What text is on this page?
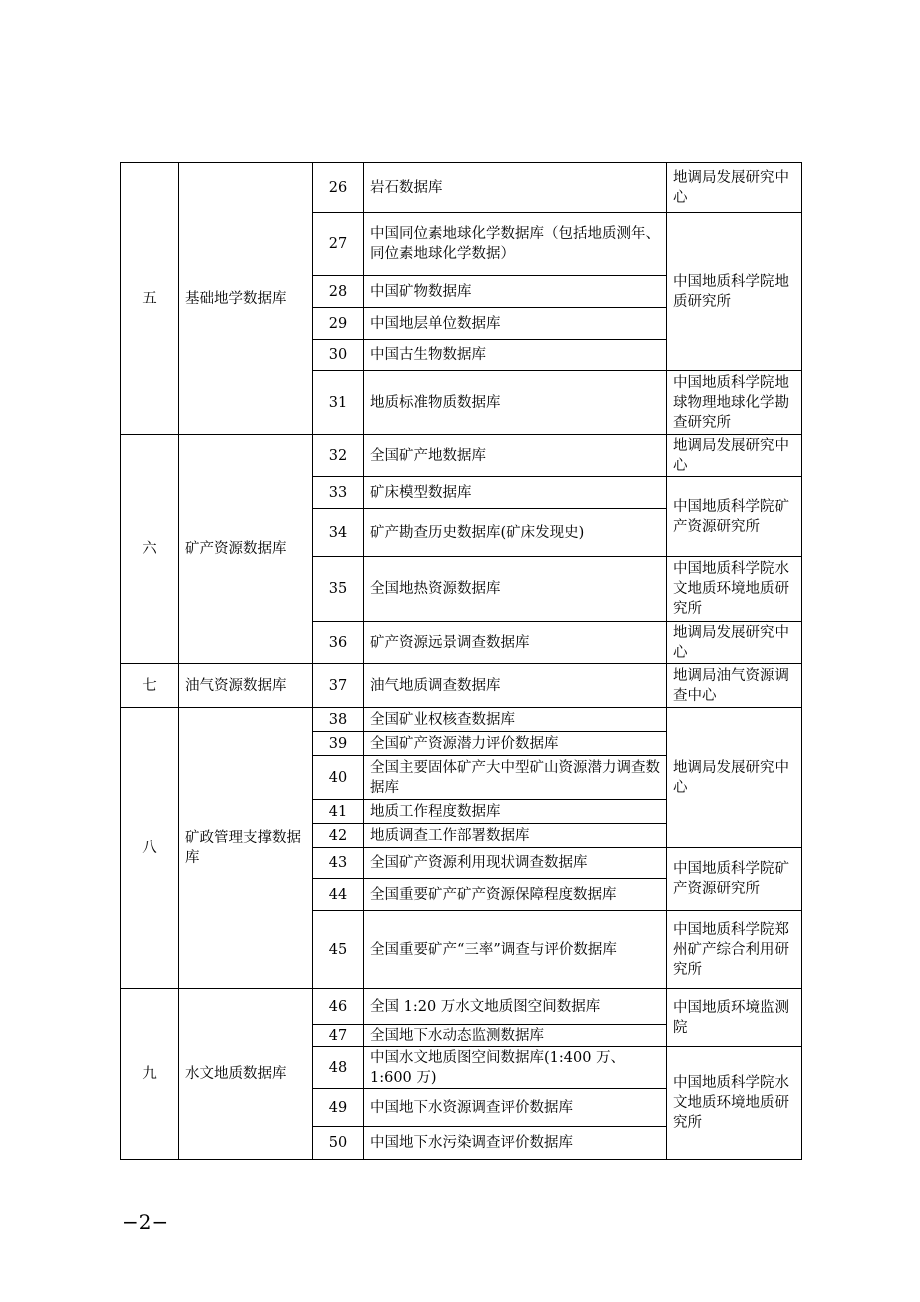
五	基础地学数据库	26	岩石数据库	地调局发展研究中心
		27	中国同位素地球化学数据库（包括地质测年、同位素地球化学数据）	中国地质科学院地质研究所
		28	中国矿物数据库	
		29	中国地层单位数据库	
		30	中国古生物数据库	
		31	地质标准物质数据库	中国地质科学院地球物理地球化学勘查研究所
六	矿产资源数据库	32	全国矿产地数据库	地调局发展研究中心
		33	矿床模型数据库	中国地质科学院矿产资源研究所
		34	矿产勘查历史数据库(矿床发现史)	
		35	全国地热资源数据库	中国地质科学院水文地质环境地质研究所
		36	矿产资源远景调查数据库	地调局发展研究中心
七	油气资源数据库	37	油气地质调查数据库	地调局油气资源调查中心
八	矿政管理支撑数据库	38	全国矿业权核查数据库	地调局发展研究中心
		39	全国矿产资源潜力评价数据库	
		40	全国主要固体矿产大中型矿山资源潜力调查数据库	
		41	地质工作程度数据库	
		42	地质调查工作部署数据库	
		43	全国矿产资源利用现状调查数据库	中国地质科学院矿产资源研究所
		44	全国重要矿产矿产资源保障程度数据库	
		45	全国重要矿产“三率”调查与评价数据库	中国地质科学院郑州矿产综合利用研究所
九	水文地质数据库	46	全国 1:20 万水文地质图空间数据库	中国地质环境监测院
		47	全国地下水动态监测数据库	
		48	中国水文地质图空间数据库(1:400 万、1:600 万)	中国地质科学院水文地质环境地质研究所
		49	中国地下水资源调查评价数据库	
		50	中国地下水污染调查评价数据库	
−2−
